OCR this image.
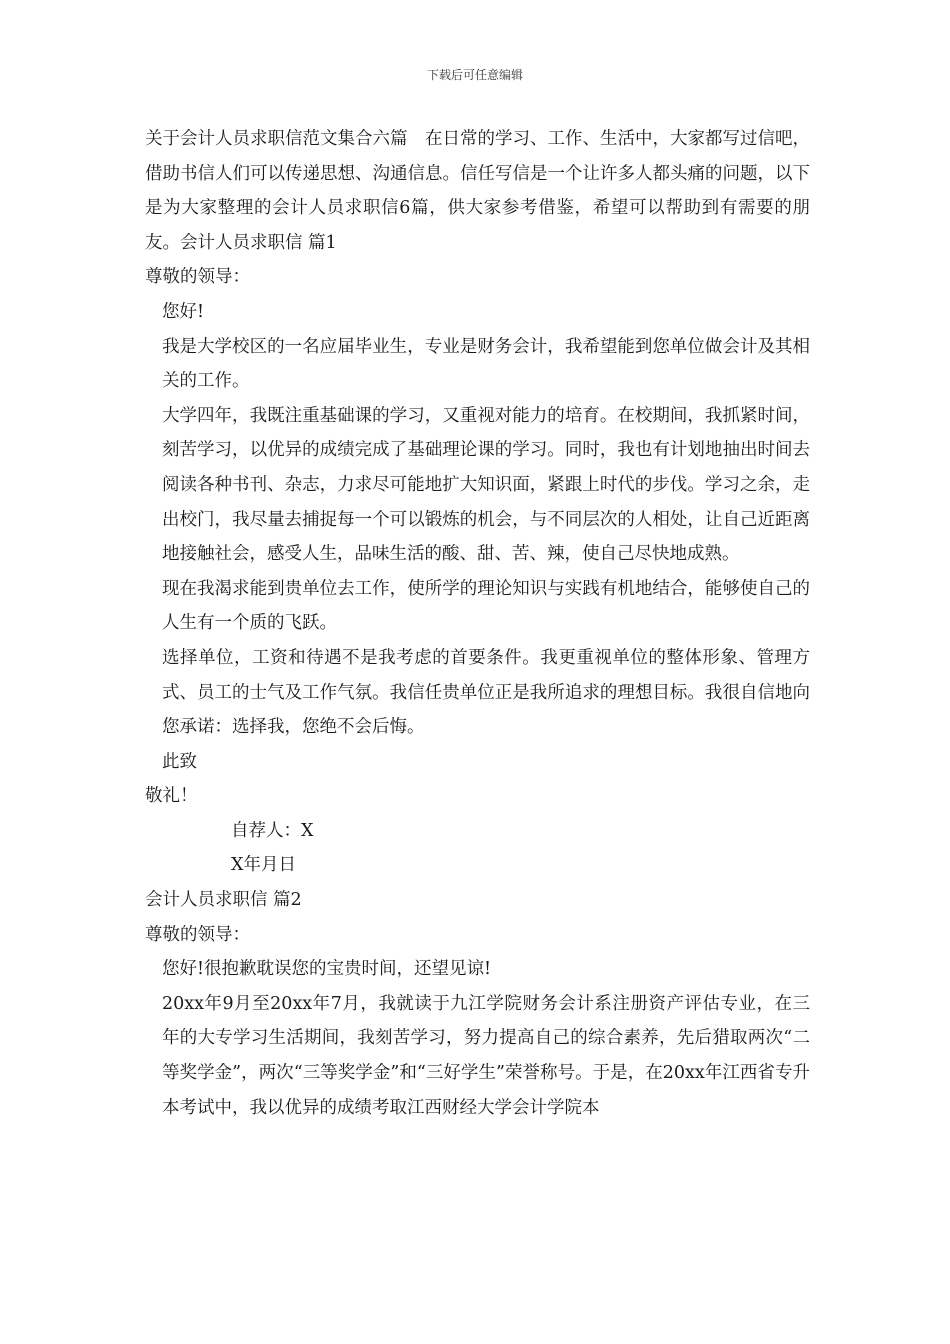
下载后可任意编辑

关于会计人员求职信范文集合六篇　在日常的学习、工作、生活中，大家都写过信吧，借助书信人们可以传递思想、沟通信息。信任写信是一个让许多人都头痛的问题，以下是为大家整理的会计人员求职信6篇，供大家参考借鉴，希望可以帮助到有需要的朋友。会计人员求职信 篇1

尊敬的领导：

您好!

我是大学校区的一名应届毕业生，专业是财务会计，我希望能到您单位做会计及其相关的工作。

大学四年，我既注重基础课的学习，又重视对能力的培育。在校期间，我抓紧时间，刻苦学习，以优异的成绩完成了基础理论课的学习。同时，我也有计划地抽出时间去阅读各种书刊、杂志，力求尽可能地扩大知识面，紧跟上时代的步伐。学习之余，走出校门，我尽量去捕捉每一个可以锻炼的机会，与不同层次的人相处，让自己近距离地接触社会，感受人生，品味生活的酸、甜、苦、辣，使自己尽快地成熟。

现在我渴求能到贵单位去工作，使所学的理论知识与实践有机地结合，能够使自己的人生有一个质的飞跃。

选择单位，工资和待遇不是我考虑的首要条件。我更重视单位的整体形象、管理方式、员工的士气及工作气氛。我信任贵单位正是我所追求的理想目标。我很自信地向您承诺：选择我，您绝不会后悔。

此致

敬礼！

自荐人：X

X年月日

会计人员求职信 篇2

尊敬的领导：

您好!很抱歉耽误您的宝贵时间，还望见谅!

20xx年9月至20xx年7月，我就读于九江学院财务会计系注册资产评估专业，在三年的大专学习生活期间，我刻苦学习，努力提高自己的综合素养，先后猎取两次“二等奖学金”，两次“三等奖学金”和“三好学生”荣誉称号。于是，在20xx年江西省专升本考试中，我以优异的成绩考取江西财经大学会计学院本
